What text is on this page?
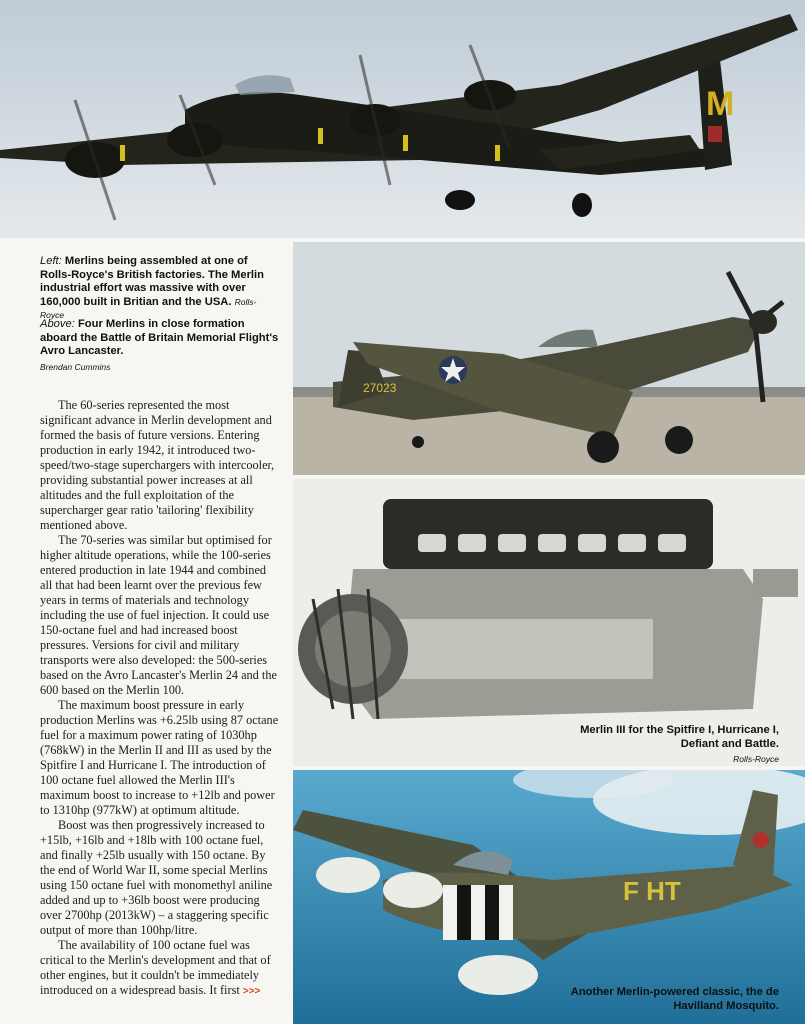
M
Left: Merlins being assembled at one of Rolls-Royce's British factories. The Merlin industrial effort was massive with over 160,000 built in Britian and the USA. Rolls-Royce
Above: Four Merlins in close formation aboard the Battle of Britain Memorial Flight's Avro Lancaster.
Brendan Cummins
27023
Merlin III for the Spitfire I, Hurricane I, Defiant and Battle.
Rolls-Royce
F HT
Another Merlin-powered classic, the de Havilland Mosquito.

The 60-series represented the most significant advance in Merlin development and formed the basis of future versions. Entering production in early 1942, it introduced two-speed/two-stage superchargers with intercooler, providing substantial power increases at all altitudes and the full exploitation of the supercharger gear ratio 'tailoring' flexibility mentioned above.

The 70-series was similar but optimised for higher altitude operations, while the 100-series entered production in late 1944 and combined all that had been learnt over the previous few years in terms of materials and technology including the use of fuel injection. It could use 150-octane fuel and had increased boost pressures. Versions for civil and military transports were also developed: the 500-series based on the Avro Lancaster's Merlin 24 and the 600 based on the Merlin 100.

The maximum boost pressure in early production Merlins was +6.25lb using 87 octane fuel for a maximum power rating of 1030hp (768kW) in the Merlin II and III as used by the Spitfire I and Hurricane I. The introduction of 100 octane fuel allowed the Merlin III's maximum boost to increase to +12lb and power to 1310hp (977kW) at optimum altitude.

Boost was then progressively increased to +15lb, +16lb and +18lb with 100 octane fuel, and finally +25lb usually with 150 octane. By the end of World War II, some special Merlins using 150 octane fuel with monomethyl aniline added and up to +36lb boost were producing over 2700hp (2013kW) – a staggering specific output of more than 100hp/litre.

The availability of 100 octane fuel was critical to the Merlin's development and that of other engines, but it couldn't be immediately introduced on a widespread basis. It first >>>
